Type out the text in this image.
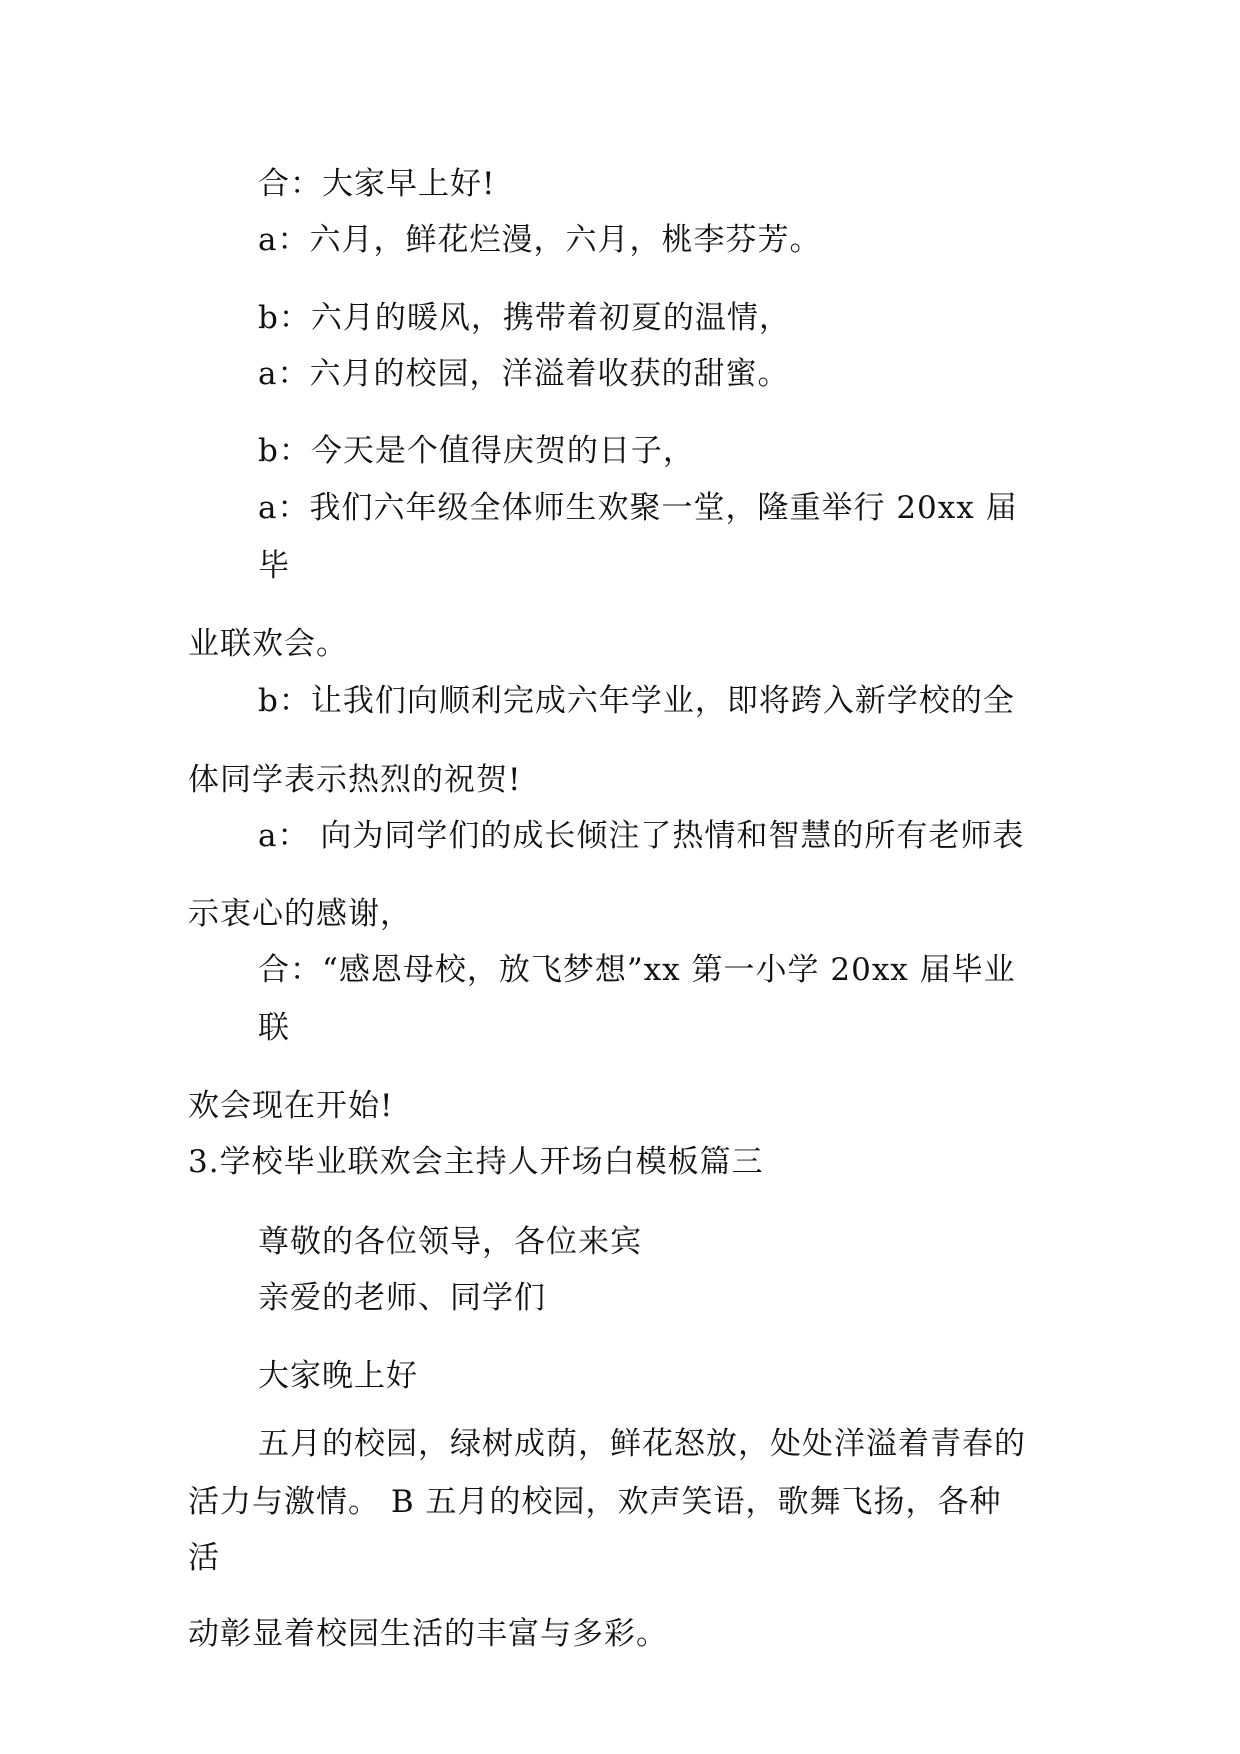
合：大家早上好!
a：六月，鲜花烂漫，六月，桃李芬芳。
b：六月的暖风，携带着初夏的温情，
a：六月的校园，洋溢着收获的甜蜜。
b：今天是个值得庆贺的日子，
a：我们六年级全体师生欢聚一堂，隆重举行 20xx 届
毕
业联欢会。
b：让我们向顺利完成六年学业，即将跨入新学校的全
体同学表示热烈的祝贺!
a： 向为同学们的成长倾注了热情和智慧的所有老师表
示衷心的感谢，
合：“感恩母校，放飞梦想”xx 第一小学 20xx 届毕业
联
欢会现在开始!
3.学校毕业联欢会主持人开场白模板篇三
尊敬的各位领导，各位来宾
亲爱的老师、同学们
大家晚上好
五月的校园，绿树成荫，鲜花怒放，处处洋溢着青春的
活力与激情。 B 五月的校园，欢声笑语，歌舞飞扬，各种
活
动彰显着校园生活的丰富与多彩。
